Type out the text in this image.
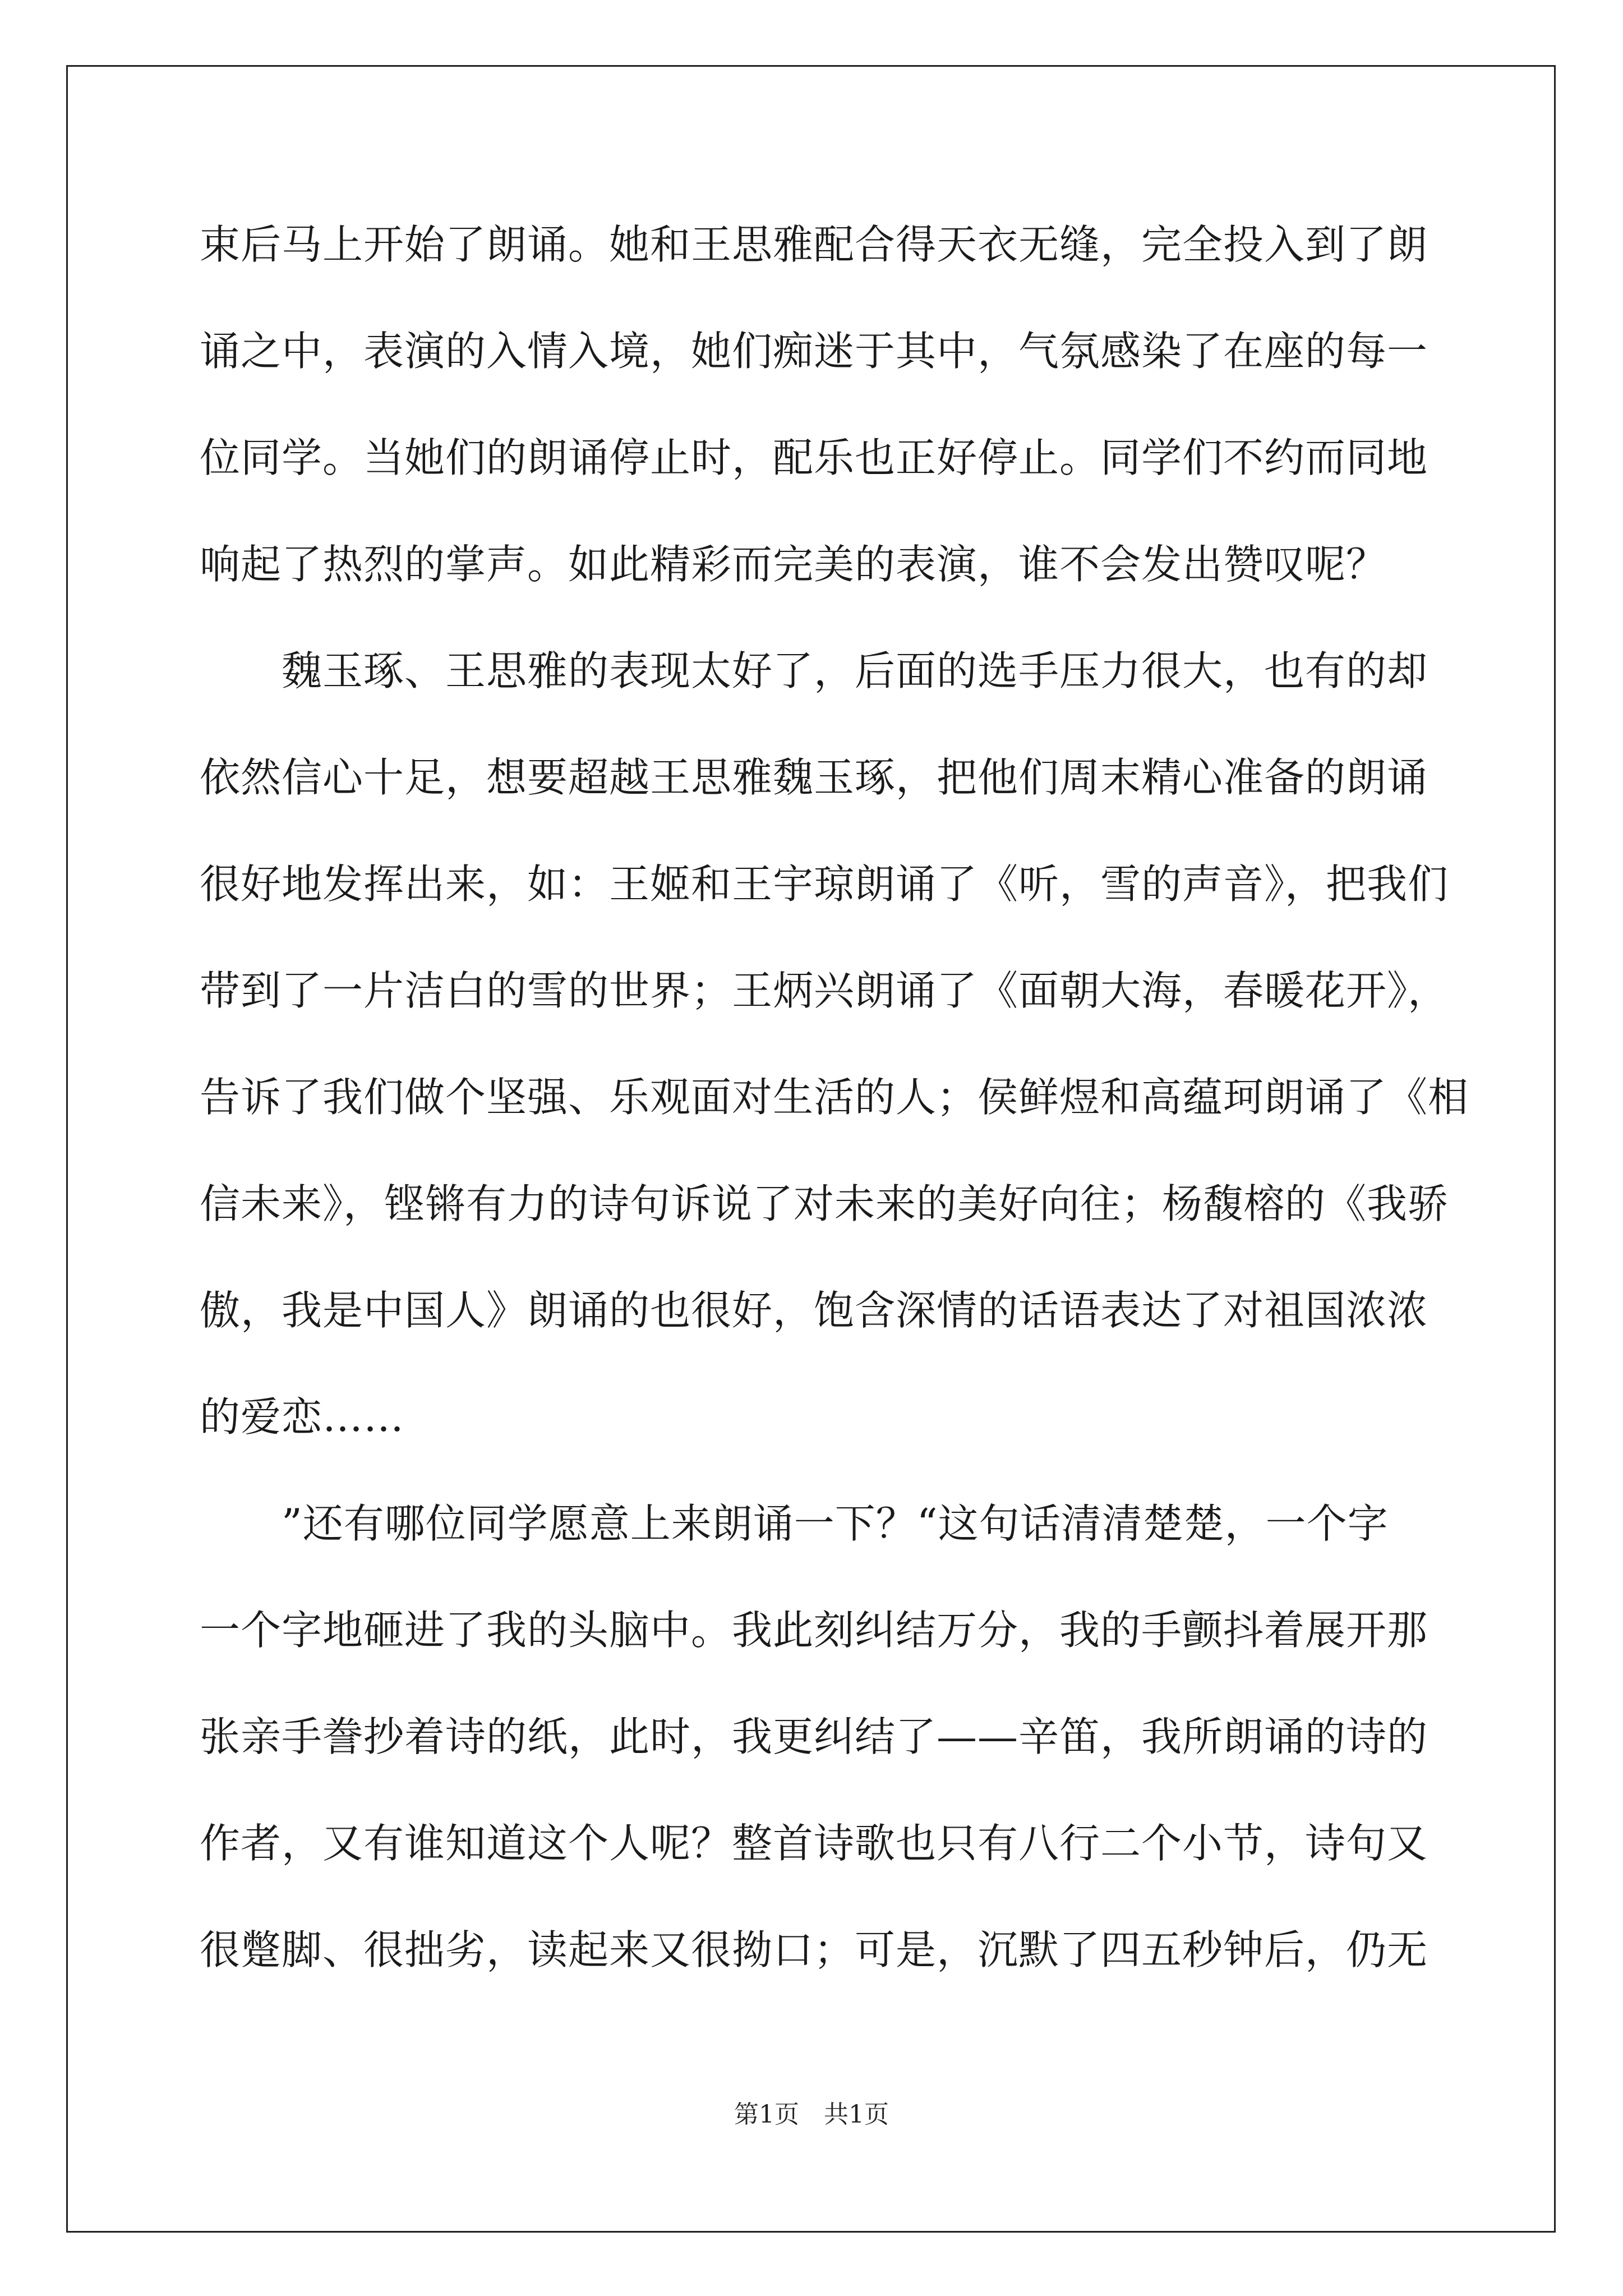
束后马上开始了朗诵。她和王思雅配合得天衣无缝，完全投入到了朗
诵之中，表演的入情入境，她们痴迷于其中，气氛感染了在座的每一
位同学。当她们的朗诵停止时，配乐也正好停止。同学们不约而同地
响起了热烈的掌声。如此精彩而完美的表演，谁不会发出赞叹呢？
魏玉琢、王思雅的表现太好了，后面的选手压力很大，也有的却
依然信心十足，想要超越王思雅魏玉琢，把他们周末精心准备的朗诵
很好地发挥出来，如：王姬和王宇琼朗诵了《听，雪的声音》，把我们
带到了一片洁白的雪的世界；王炳兴朗诵了《面朝大海，春暖花开》，
告诉了我们做个坚强、乐观面对生活的人；侯鲜煜和高蕴珂朗诵了《相
信未来》，铿锵有力的诗句诉说了对未来的美好向往；杨馥榕的《我骄
傲，我是中国人》朗诵的也很好，饱含深情的话语表达了对祖国浓浓
的爱恋……
”还有哪位同学愿意上来朗诵一下？“这句话清清楚楚，一个字
一个字地砸进了我的头脑中。我此刻纠结万分，我的手颤抖着展开那
张亲手誊抄着诗的纸，此时，我更纠结了——辛笛，我所朗诵的诗的
作者，又有谁知道这个人呢？整首诗歌也只有八行二个小节，诗句又
很蹩脚、很拙劣，读起来又很拗口；可是，沉默了四五秒钟后，仍无
第1页　共1页
